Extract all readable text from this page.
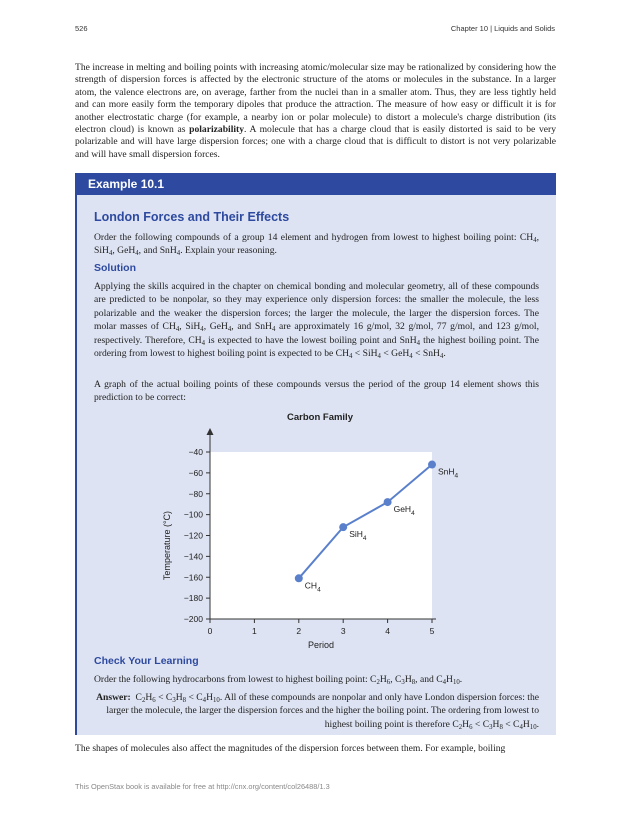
526	Chapter 10 | Liquids and Solids

The increase in melting and boiling points with increasing atomic/molecular size may be rationalized by considering how the strength of dispersion forces is affected by the electronic structure of the atoms or molecules in the substance. In a larger atom, the valence electrons are, on average, farther from the nuclei than in a smaller atom. Thus, they are less tightly held and can more easily form the temporary dipoles that produce the attraction. The measure of how easy or difficult it is for another electrostatic charge (for example, a nearby ion or polar molecule) to distort a molecule's charge distribution (its electron cloud) is known as polarizability. A molecule that has a charge cloud that is easily distorted is said to be very polarizable and will have large dispersion forces; one with a charge cloud that is difficult to distort is not very polarizable and will have small dispersion forces.

Example 10.1
London Forces and Their Effects

Order the following compounds of a group 14 element and hydrogen from lowest to highest boiling point: $CH_4$, SiH$_4$, GeH$_4$, and SnH$_4$. Explain your reasoning.

Solution

Applying the skills acquired in the chapter on chemical bonding and molecular geometry, all of these compounds are predicted to be nonpolar, so they may experience only dispersion forces: the smaller the molecule, the less polarizable and the weaker the dispersion forces; the larger the molecule, the larger the dispersion forces. The molar masses of $CH_4$, SiH$_4$, GeH$_4$, and SnH$_4$ are approximately 16 g/mol, 32 g/mol, 77 g/mol, and 123 g/mol, respectively. Therefore, $CH_4$ is expected to have the lowest boiling point and SnH$_4$ the highest boiling point. The ordering from lowest to highest boiling point is expected to be $CH_4 < SiH_4 < GeH_4 < SnH_4$.

A graph of the actual boiling points of these compounds versus the period of the group 14 element shows this prediction to be correct:

Check Your Learning

Order the following hydrocarbons from lowest to highest boiling point: $C_2H_6$, $C_3H_8$, and $C_4H_{10}$.

Answer: $C_2H_6 < C_3H_8 < C_4H_{10}$. All of these compounds are nonpolar and only have London dispersion forces: the larger the molecule, the larger the dispersion forces and the higher the boiling point. The ordering from lowest to highest boiling point is therefore $C_2H_6 < C_3H_8 < C_4H_{10}$.

Carbon Family
−40
−60
−80
−100
−120
−140
−160
−180
−200
0	1	2	3	4	5
Period
Temperature (°C)
$CH_4$
SiH$_4$
GeH$_4$
SnH$_4$

The shapes of molecules also affect the magnitudes of the dispersion forces between them. For example, boiling

This OpenStax book is available for free at http://cnx.org/content/col26488/1.3
